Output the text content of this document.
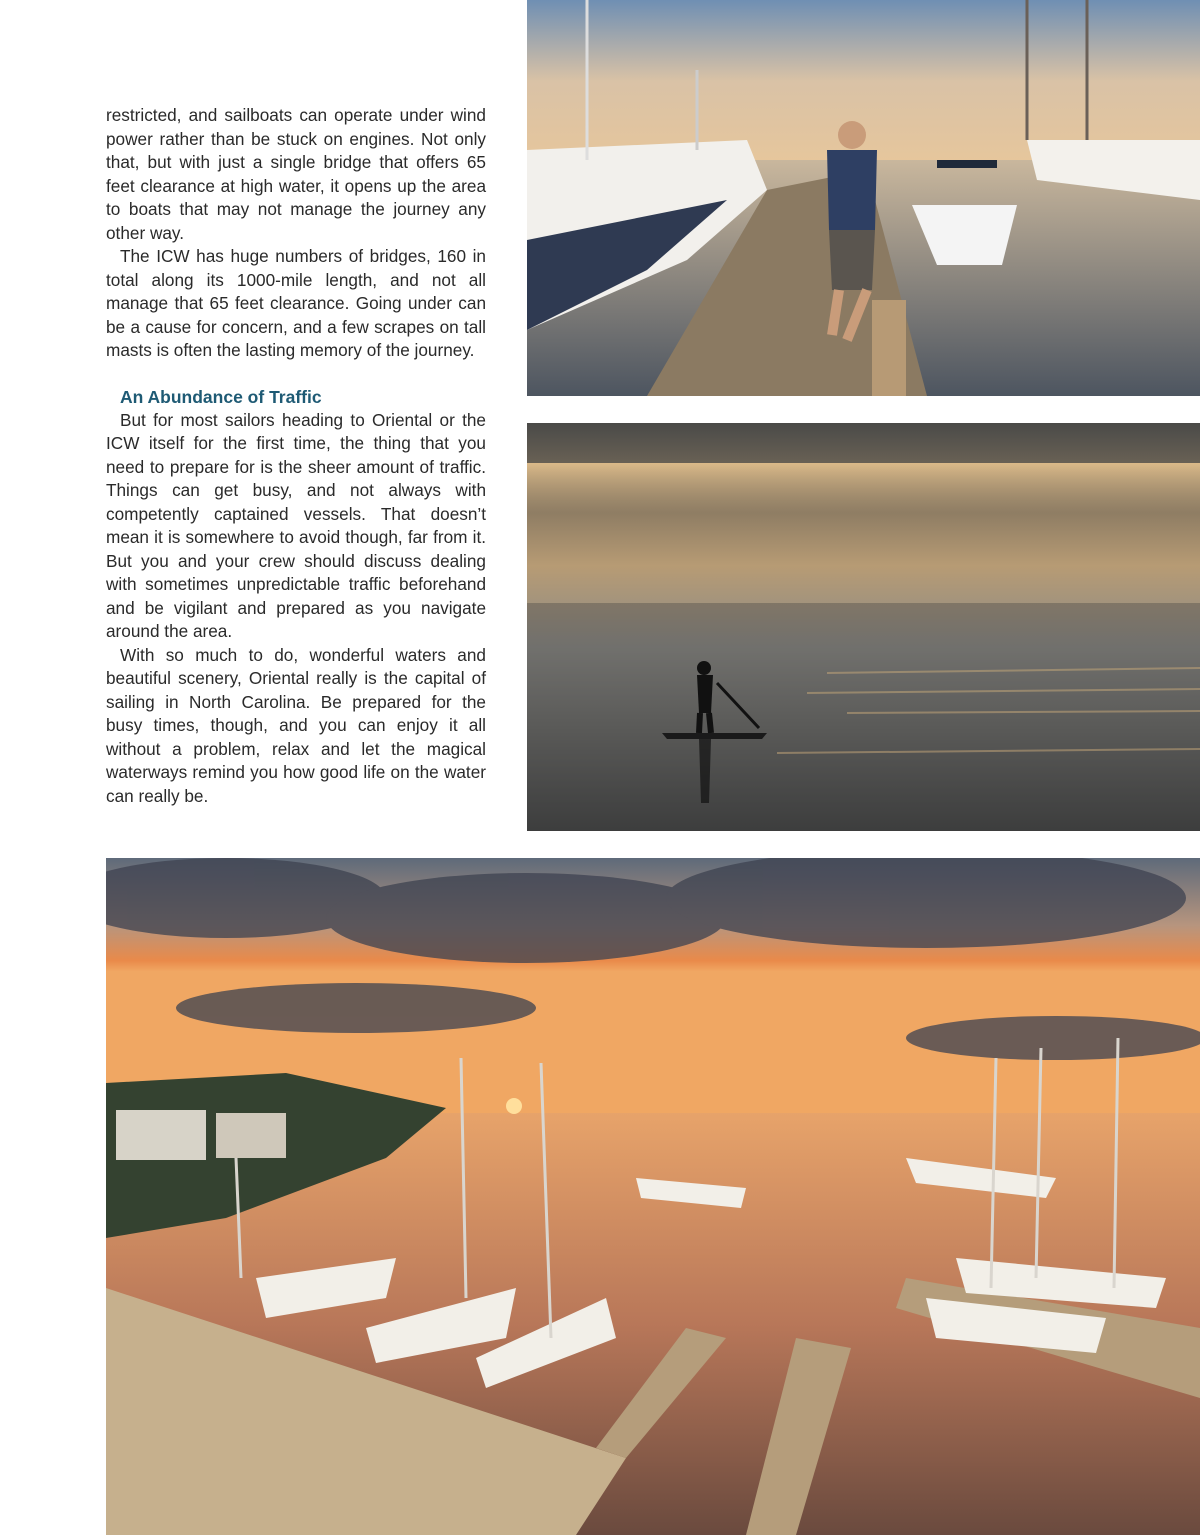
restricted, and sailboats can operate under wind power rather than be stuck on engines. Not only that, but with just a single bridge that offers 65 feet clearance at high water, it opens up the area to boats that may not manage the journey any other way.

The ICW has huge numbers of bridges, 160 in total along its 1000-mile length, and not all manage that 65 feet clearance. Going under can be a cause for concern, and a few scrapes on tall masts is often the lasting memory of the journey.

An Abundance of Traffic

But for most sailors heading to Oriental or the ICW itself for the first time, the thing that you need to prepare for is the sheer amount of traffic. Things can get busy, and not always with competently captained vessels. That doesn’t mean it is somewhere to avoid though, far from it. But you and your crew should discuss dealing with sometimes unpredictable traffic beforehand and be vigilant and prepared as you navigate around the area.

With so much to do, wonderful waters and beautiful scenery, Oriental really is the capital of sailing in North Carolina. Be prepared for the busy times, though, and you can enjoy it all without a problem, relax and let the magical waterways remind you how good life on the water can really be.
